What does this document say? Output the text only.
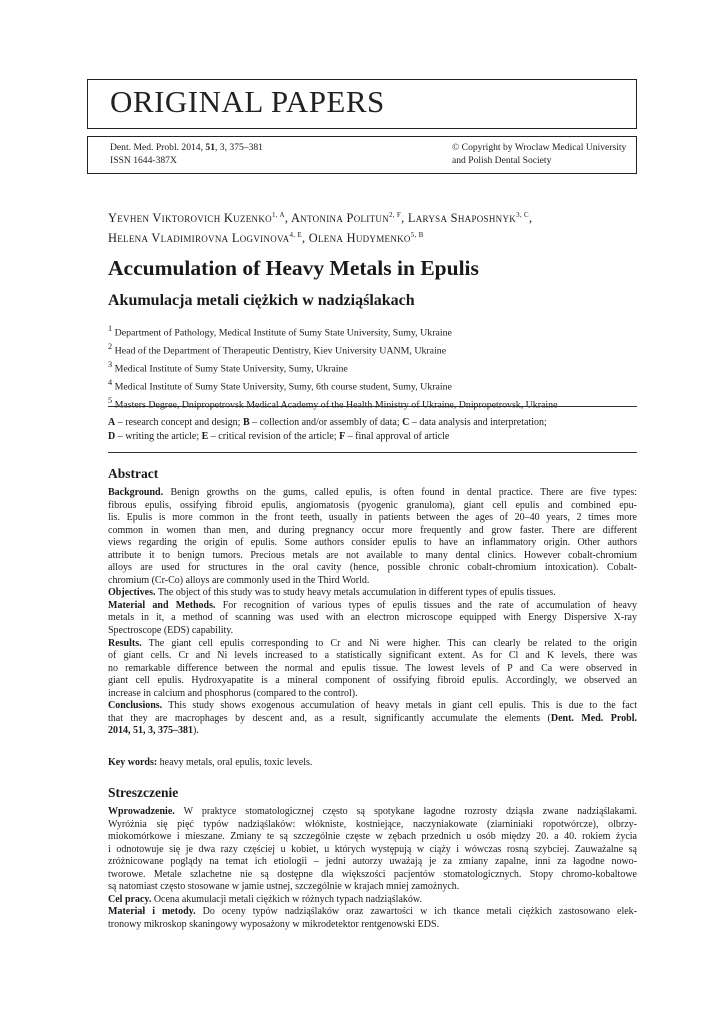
ORIGINAL PAPERS
Dent. Med. Probl. 2014, 51, 3, 375–381
ISSN 1644-387X
© Copyright by Wroclaw Medical University
and Polish Dental Society
Yevhen Viktorovich Kuzenko$^{1, A}$, Antonina Politun$^{2, F}$, Larysa Shaposhnyk$^{3, C}$,
Helena Vladimirovna Logvinova$^{4, E}$, Olena Hudymenko$^{5, B}$
Accumulation of Heavy Metals in Epulis
Akumulacja metali ciężkich w nadziąślakach
$^1$ Department of Pathology, Medical Institute of Sumy State University, Sumy, Ukraine
$^2$ Head of the Department of Therapeutic Dentistry, Kiev University UANM, Ukraine
$^3$ Medical Institute of Sumy State University, Sumy, Ukraine
$^4$ Medical Institute of Sumy State University, Sumy, 6th course student, Sumy, Ukraine
$^5$ Masters Degree, Dnipropetrovsk Medical Academy of the Health Ministry of Ukraine, Dnipropetrovsk, Ukraine
A – research concept and design; B – collection and/or assembly of data; C – data analysis and interpretation;
D – writing the article; E – critical revision of the article; F – final approval of article
Abstract

Background. Benign growths on the gums, called epulis, is often found in dental practice. There are five types:

fibrous epulis, ossifying fibroid epulis, angiomatosis (pyogenic granuloma), giant cell epulis and combined epu-

lis. Epulis is more common in the front teeth, usually in patients between the ages of 20–40 years, 2 times more

common in women than men, and during pregnancy occur more frequently and grow faster. There are different

views regarding the origin of epulis. Some authors consider epulis to have an inflammatory origin. Other authors

attribute it to benign tumors. Precious metals are not available to many dental clinics. However cobalt-chromium

alloys are used for structures in the oral cavity (hence, possible chronic cobalt-chromium intoxication). Cobalt-

chromium (Cr-Co) alloys are commonly used in the Third World.

Objectives. The object of this study was to study heavy metals accumulation in different types of epulis tissues.

Material and Methods. For recognition of various types of epulis tissues and the rate of accumulation of heavy

metals in it, a method of scanning was used with an electron microscope equipped with Energy Dispersive X-ray

Spectroscope (EDS) capability.

Results. The giant cell epulis corresponding to Cr and Ni were higher. This can clearly be related to the origin

of giant cells. Cr and Ni levels increased to a statistically significant extent. As for Cl and K levels, there was

no remarkable difference between the normal and epulis tissue. The lowest levels of P and Ca were observed in

giant cell epulis. Hydroxyapatite is a mineral component of ossifying fibroid epulis. Accordingly, we observed an

increase in calcium and phosphorus (compared to the control).

Conclusions. This study shows exogenous accumulation of heavy metals in giant cell epulis. This is due to the fact

that they are macrophages by descent and, as a result, significantly accumulate the elements (Dent. Med. Probl.

2014, 51, 3, 375–381).

Key words: heavy metals, oral epulis, toxic levels.

Streszczenie

Wprowadzenie. W praktyce stomatologicznej często są spotykane łagodne rozrosty dziąsła zwane nadziąślakami.

Wyróżnia się pięć typów nadziąślaków: włókniste, kostniejące, naczyniakowate (ziarniniaki ropotwórcze), olbrzy-

miokomórkowe i mieszane. Zmiany te są szczególnie częste w zębach przednich u osób między 20. a 40. rokiem życia

i odnotowuje się je dwa razy częściej u kobiet, u których występują w ciąży i wówczas rosną szybciej. Zauważalne są

zróżnicowane poglądy na temat ich etiologii – jedni autorzy uważają je za zmiany zapalne, inni za łagodne nowo-

tworowe. Metale szlachetne nie są dostępne dla większości pacjentów stomatologicznych. Stopy chromo-kobaltowe

są natomiast często stosowane w jamie ustnej, szczególnie w krajach mniej zamożnych.

Cel pracy. Ocena akumulacji metali ciężkich w różnych typach nadziąślaków.

Materiał i metody. Do oceny typów nadziąślaków oraz zawartości w ich tkance metali ciężkich zastosowano elek-

tronowy mikroskop skaningowy wyposażony w mikrodetektor rentgenowski EDS.
